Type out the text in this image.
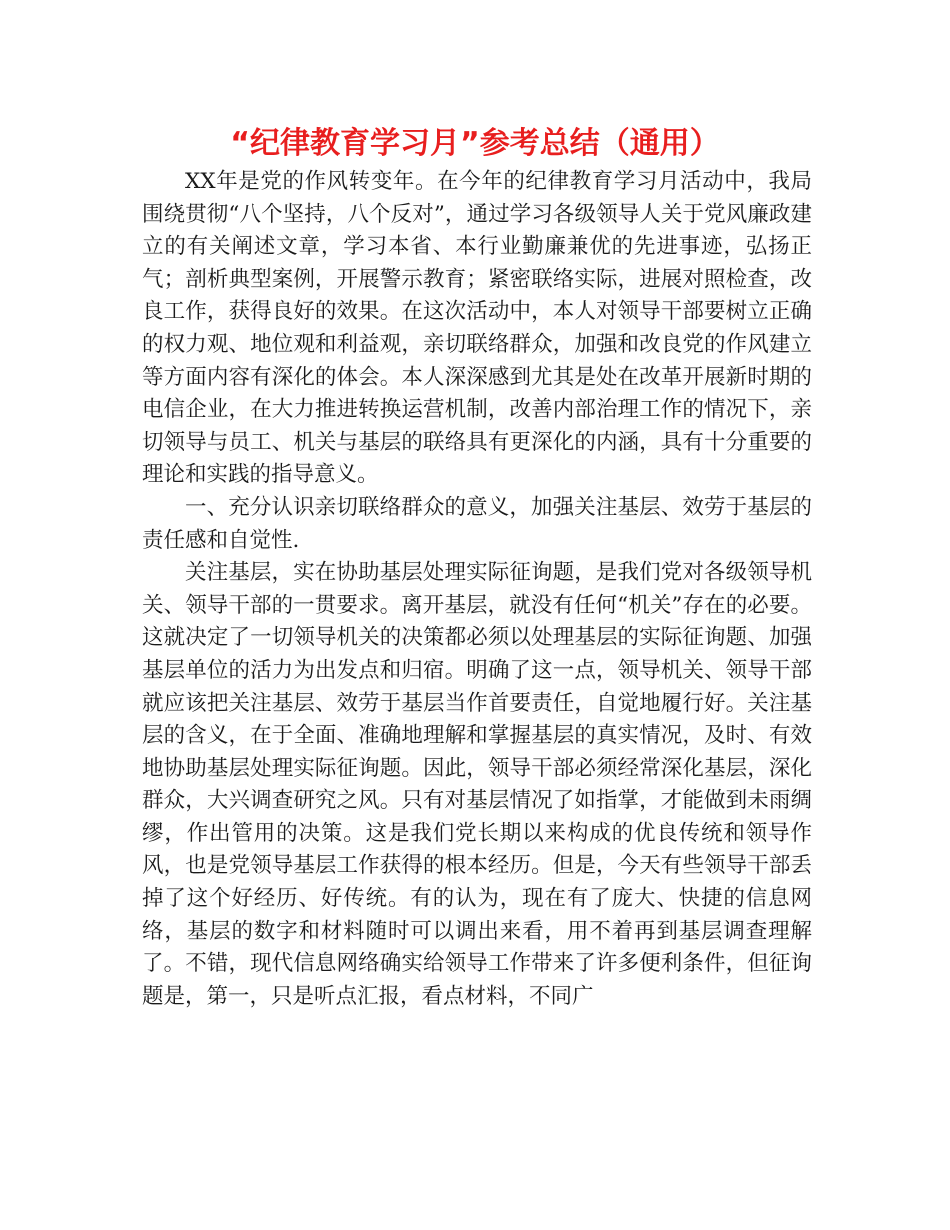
“纪律教育学习月”参考总结（通用）

XX年是党的作风转变年。在今年的纪律教育学习月活动中，我局围绕贯彻“八个坚持，八个反对”，通过学习各级领导人关于党风廉政建立的有关阐述文章，学习本省、本行业勤廉兼优的先进事迹，弘扬正气；剖析典型案例，开展警示教育；紧密联络实际，进展对照检查，改良工作，获得良好的效果。在这次活动中，本人对领导干部要树立正确的权力观、地位观和利益观，亲切联络群众，加强和改良党的作风建立等方面内容有深化的体会。本人深深感到尤其是处在改革开展新时期的电信企业，在大力推进转换运营机制，改善内部治理工作的情况下，亲切领导与员工、机关与基层的联络具有更深化的内涵，具有十分重要的理论和实践的指导意义。

一、充分认识亲切联络群众的意义，加强关注基层、效劳于基层的责任感和自觉性.

关注基层，实在协助基层处理实际征询题，是我们党对各级领导机关、领导干部的一贯要求。离开基层，就没有任何“机关”存在的必要。这就决定了一切领导机关的决策都必须以处理基层的实际征询题、加强基层单位的活力为出发点和归宿。明确了这一点，领导机关、领导干部就应该把关注基层、效劳于基层当作首要责任，自觉地履行好。关注基层的含义，在于全面、准确地理解和掌握基层的真实情况，及时、有效地协助基层处理实际征询题。因此，领导干部必须经常深化基层，深化群众，大兴调查研究之风。只有对基层情况了如指掌，才能做到未雨绸缪，作出管用的决策。这是我们党长期以来构成的优良传统和领导作风，也是党领导基层工作获得的根本经历。但是，今天有些领导干部丢掉了这个好经历、好传统。有的认为，现在有了庞大、快捷的信息网络，基层的数字和材料随时可以调出来看，用不着再到基层调查理解了。不错，现代信息网络确实给领导工作带来了许多便利条件，但征询题是，第一，只是听点汇报，看点材料，不同广
